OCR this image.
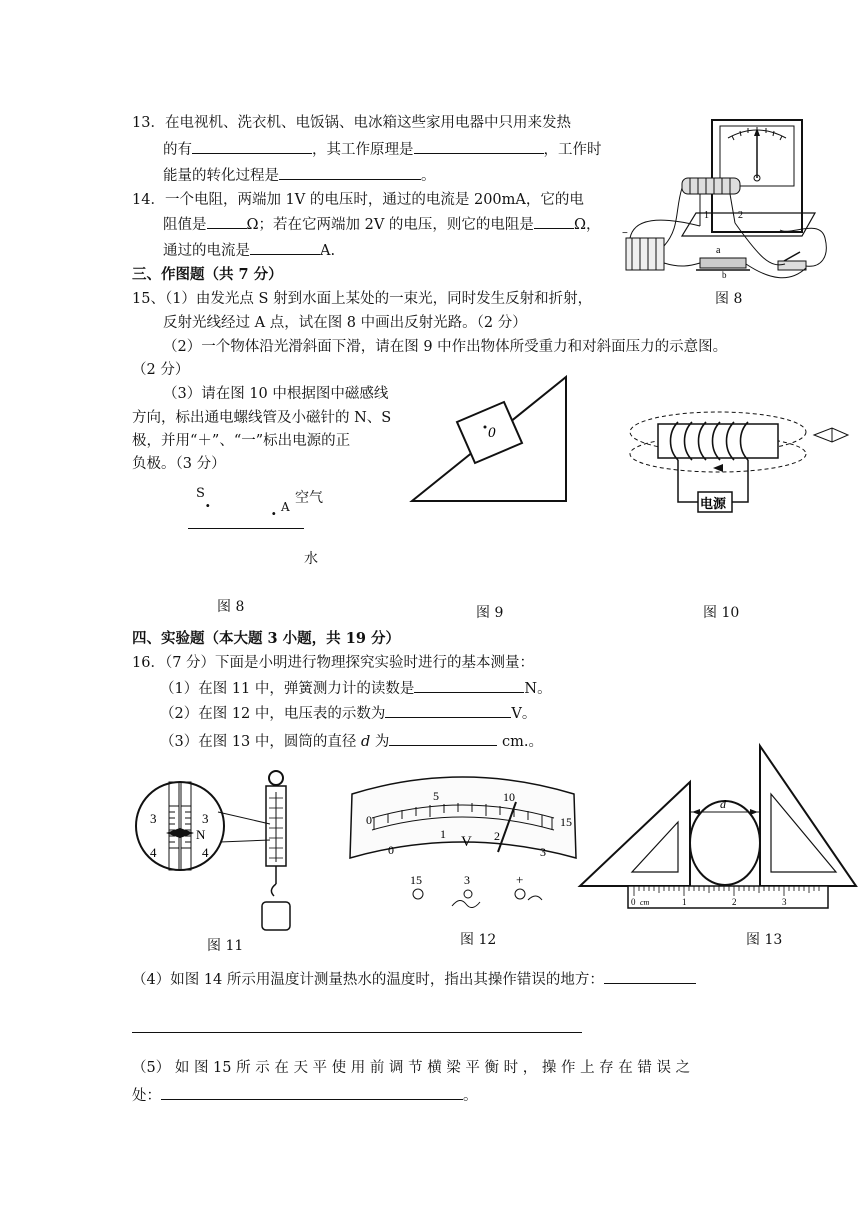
13．在电视机、洗衣机、电饭锅、电冰箱这些家用电器中只用来发热
的有	，其工作原理是	，工作时
能量的转化过程是	。
14．一个电阻，两端加 1V 的电压时，通过的电流是 200mA，它的电
阻值是	Ω；若在它两端加 2V 的电压，则它的电阻是	Ω，
通过的电流是	A.
三、作图题（共 7 分）
15、（1）由发光点 S 射到水面上某处的一束光，同时发生反射和折射，
反射光线经过 A 点，试在图 8 中画出反射光路。（2 分）
（2）一个物体沿光滑斜面下滑，请在图 9 中作出物体所受重力和对斜面压力的示意图。
（2 分）
（3）请在图 10 中根据图中磁感线
方向，标出通电螺线管及小磁针的 N、S
极，并用“＋”、“一”标出电源的正
负极。（3 分）
1	2
−
a
b
图 8
S .	. A
空气
水
图 8
0
图 9
电源
图 10
四、实验题（本大题 3 小题，共 19 分）
16．（7 分）下面是小明进行物理探究实验时进行的基本测量：
（1）在图 11 中，弹簧测力计的读数是	N。
（2）在图 12 中，电压表的示数为	V。
（3）在图 13 中，圆筒的直径 d 为	cm.。
3	3
4	4
N
图 11
0
5	10
15
0
1	2
3
V
15	3	+
图 12
d
0 cm	1	2	3
图 13
（4）如图 14 所示用温度计测量热水的温度时，指出其操作错误的地方：
（5） 如 图 15 所 示 在 天 平 使 用 前 调 节 横 梁 平 衡 时 ， 操 作 上 存 在 错 误 之
处：	。
